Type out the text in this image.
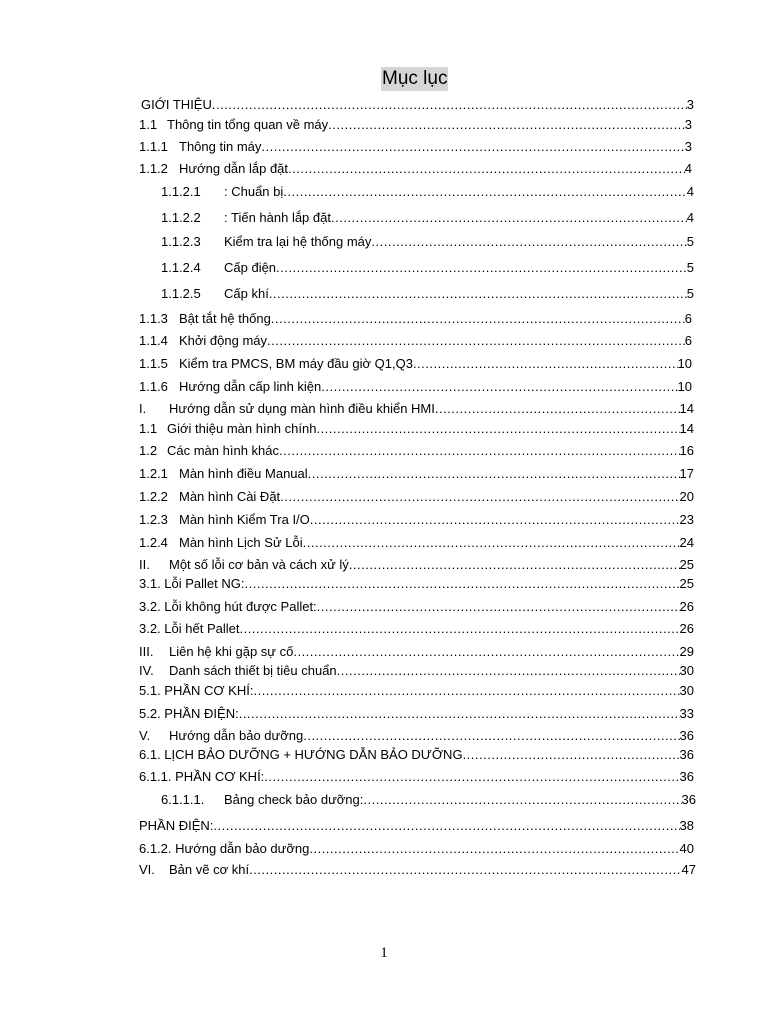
Mục lục
GIỚI THIỆU .....	3
1.1 Thông tin tổng quan về máy .....	3
1.1.1 Thông tin máy .....	3
1.1.2 Hướng dẫn lắp đặt .....	4
1.1.2.1	: Chuẩn bị .....	4
1.1.2.2	: Tiến hành lắp đặt .....	4
1.1.2.3	Kiểm tra lại hệ thống máy .....	5
1.1.2.4	Cấp điện .....	5
1.1.2.5	Cấp khí .....	5
1.1.3 Bật tắt hệ thống .....	6
1.1.4 Khởi động máy .....	6
1.1.5 Kiểm tra PMCS, BM máy đầu giờ Q1,Q3 .....	10
1.1.6 Hướng dẫn cấp linh kiện .....	10
I.	Hướng dẫn sử dụng màn hình điều khiển HMI .....	14
1.1 Giới thiệu màn hình chính .....	14
1.2 Các màn hình khác .....	16
1.2.1 Màn hình điều Manual .....	17
1.2.2 Màn hình Cài Đặt .....	20
1.2.3 Màn hình Kiểm Tra I/O .....	23
1.2.4 Màn hình Lịch Sử Lỗi .....	24
II.	Một số lỗi cơ bản và cách xử lý .....	25
3.1. Lỗi Pallet NG: .....	25
3.2. Lỗi không hút được Pallet: .....	26
3.2. Lỗi hết Pallet .....	26
III.	Liên hệ khi gặp sự cố .....	29
IV.	Danh sách thiết bị tiêu chuẩn .....	30
5.1. PHẦN CƠ KHÍ: .....	30
5.2. PHẦN ĐIỆN: .....	33
V.	Hướng dẫn bảo dưỡng .....	36
6.1. LỊCH BẢO DƯỠNG + HƯỚNG DẪN BẢO DƯỠNG .....	36
6.1.1. PHẦN CƠ KHÍ: .....	36
6.1.1.1.	Bảng check bảo dưỡng: .....	36
PHẦN ĐIỆN: .....	38
6.1.2. Hướng dẫn bảo dưỡng .....	40
VI.	Bản vẽ cơ khí .....	47
1
